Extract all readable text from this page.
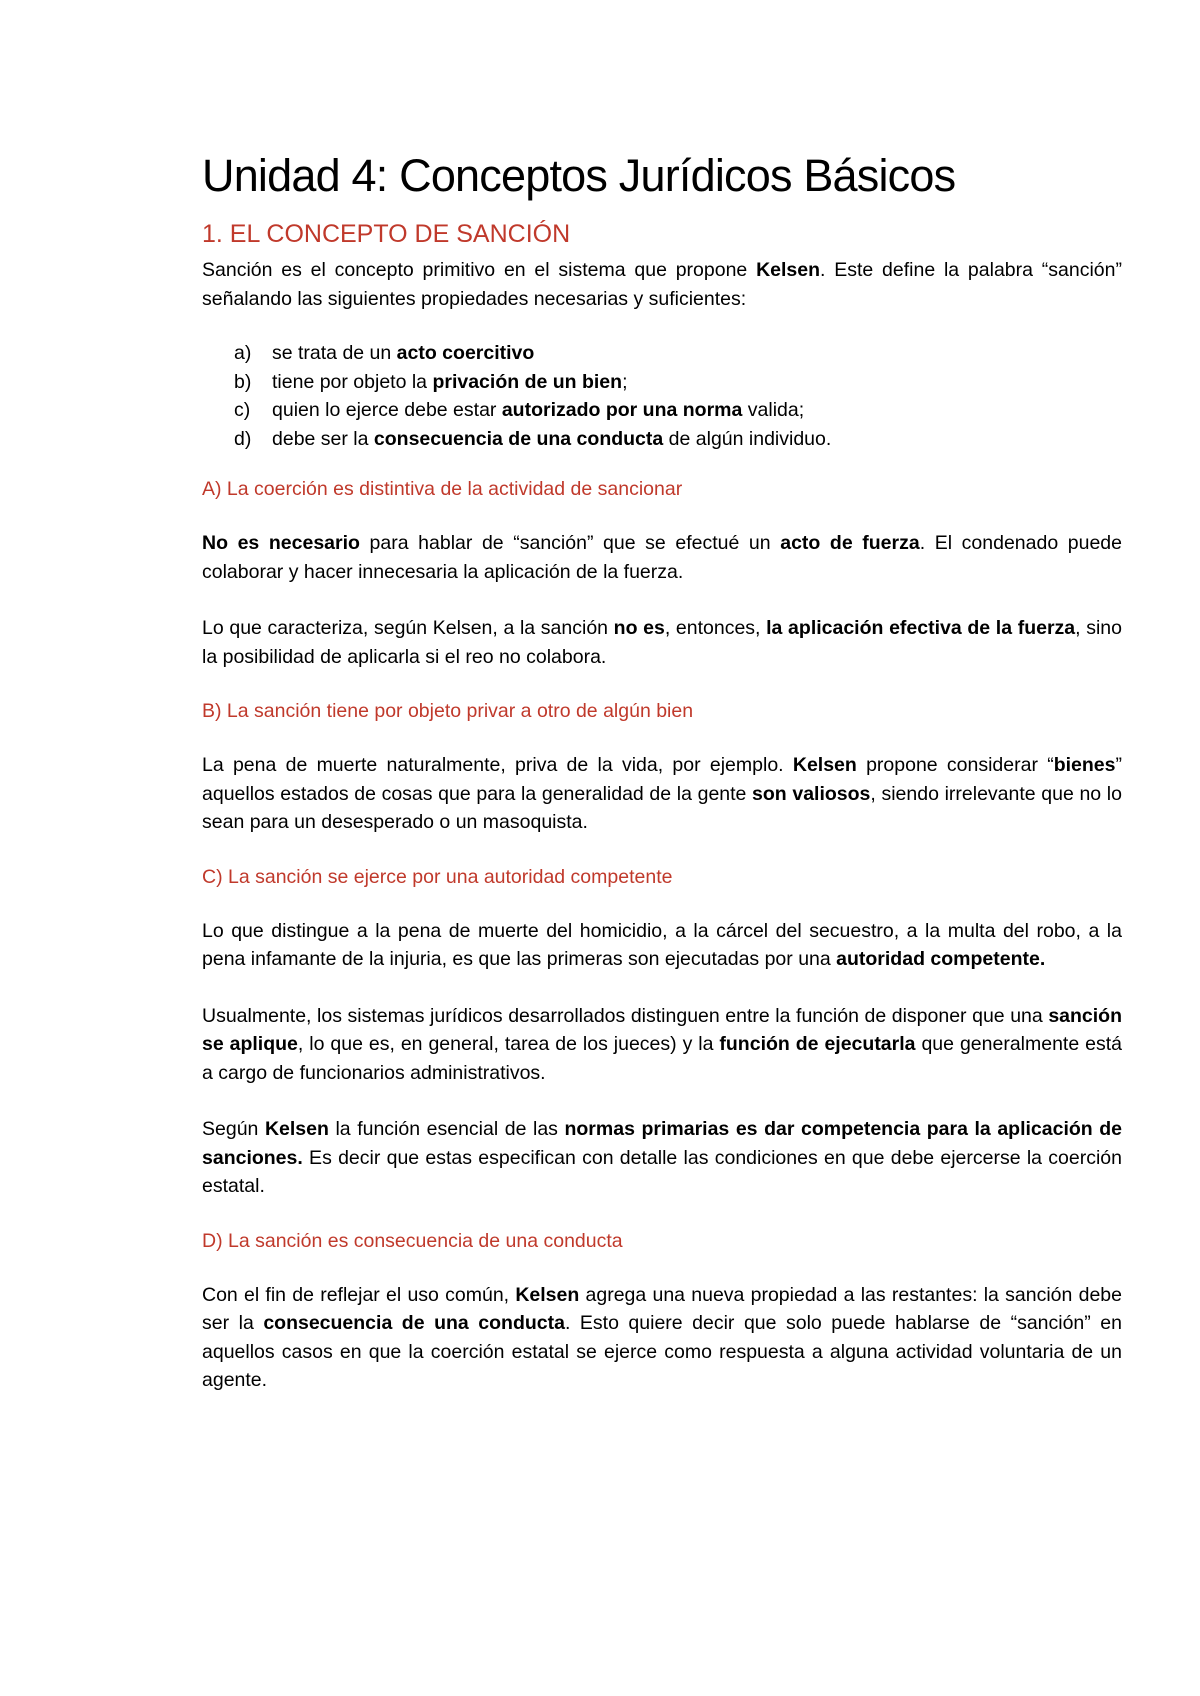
Unidad 4: Conceptos Jurídicos Básicos
1. EL CONCEPTO DE SANCIÓN

Sanción es el concepto primitivo en el sistema que propone Kelsen. Este define la palabra “sanción” señalando las siguientes propiedades necesarias y suficientes:

a)	se trata de un acto coercitivo
b)	tiene por objeto la privación de un bien;
c)	quien lo ejerce debe estar autorizado por una norma valida;
d)	debe ser la consecuencia de una conducta de algún individuo.
A) La coerción es distintiva de la actividad de sancionar

No es necesario para hablar de “sanción” que se efectué un acto de fuerza. El condenado puede colaborar y hacer innecesaria la aplicación de la fuerza.

Lo que caracteriza, según Kelsen, a la sanción no es, entonces, la aplicación efectiva de la fuerza, sino la posibilidad de aplicarla si el reo no colabora.

B) La sanción tiene por objeto privar a otro de algún bien

La pena de muerte naturalmente, priva de la vida, por ejemplo. Kelsen propone considerar “bienes” aquellos estados de cosas que para la generalidad de la gente son valiosos, siendo irrelevante que no lo sean para un desesperado o un masoquista.

C) La sanción se ejerce por una autoridad competente

Lo que distingue a la pena de muerte del homicidio, a la cárcel del secuestro, a la multa del robo, a la pena infamante de la injuria, es que las primeras son ejecutadas por una autoridad competente.

Usualmente, los sistemas jurídicos desarrollados distinguen entre la función de disponer que una sanción se aplique, lo que es, en general, tarea de los jueces) y la función de ejecutarla que generalmente está a cargo de funcionarios administrativos.

Según Kelsen la función esencial de las normas primarias es dar competencia para la aplicación de sanciones. Es decir que estas especifican con detalle las condiciones en que debe ejercerse la coerción estatal.

D) La sanción es consecuencia de una conducta

Con el fin de reflejar el uso común, Kelsen agrega una nueva propiedad a las restantes: la sanción debe ser la consecuencia de una conducta. Esto quiere decir que solo puede hablarse de “sanción” en aquellos casos en que la coerción estatal se ejerce como respuesta a alguna actividad voluntaria de un agente.
